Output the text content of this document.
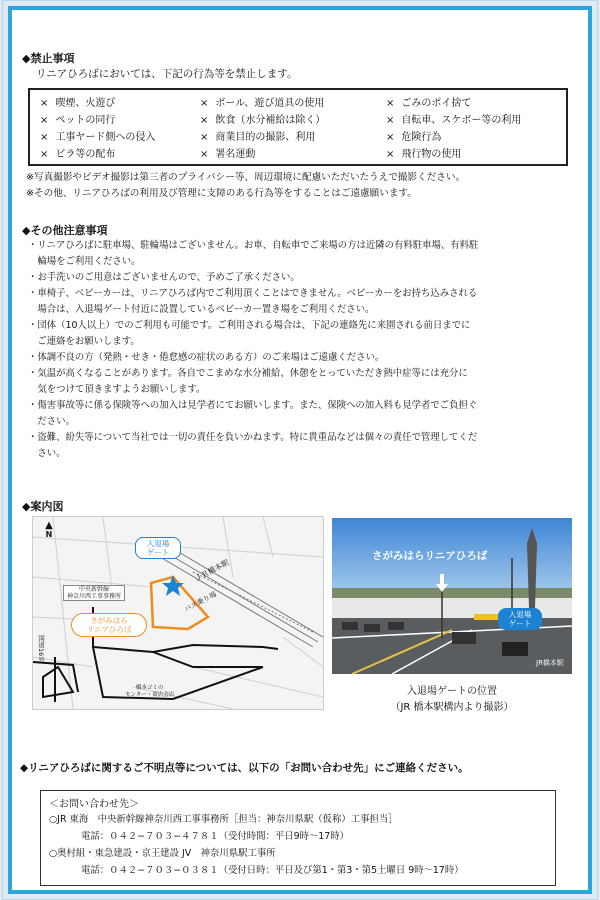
◆禁止事項
リニアひろばにおいては、下記の行為等を禁止します。
× 喫煙、火遊び	× ボール、遊び道具の使用	× ごみのポイ捨て
× ペットの同行	× 飲食（水分補給は除く）	× 自転車、スケボー等の利用
× 工事ヤード側への侵入	× 商業目的の撮影、利用	× 危険行為
× ビラ等の配布	× 署名運動	× 飛行物の使用
※写真撮影やビデオ撮影は第三者のプライバシー等、周辺環境に配慮いただいたうえで撮影ください。
※その他、リニアひろばの利用及び管理に支障のある行為等をすることはご遠慮願います。
◆その他注意事項
・リニアひろばに駐車場、駐輪場はございません。お車、自転車でご来場の方は近隣の有料駐車場、有料駐
　輪場をご利用ください。
・お手洗いのご用意はございませんので、予めご了承ください。
・車椅子、ベビーカーは、リニアひろば内でご利用頂くことはできません。ベビーカーをお持ち込みされる
　場合は、入退場ゲート付近に設置しているベビーカー置き場をご利用ください。
・団体（10人以上）でのご利用も可能です。ご利用される場合は、下記の連絡先に来園される前日までに
　ご連絡をお願いします。
・体調不良の方（発熱・せき・倦怠感の症状のある方）のご来場はご遠慮ください。
・気温が高くなることがあります。各自でこまめな水分補給、休憩をとっていただき熱中症等には充分に
　気をつけて頂きますようお願いします。
・傷害事故等に係る保険等への加入は見学者にてお願いします。また、保険への加入料も見学者でご負担ぐ
　ださい。
・盗難、紛失等について当社では一切の責任を負いかねます。特に貴重品などは個々の責任で管理してくだ
　さい。
◆案内図
▲
N
入退場
ゲート
ＪＲ橋本駅
バス乗り場
中央新幹線
神奈川西工事事務所
さがみはら
リニアひろば
国道16号
橋本ゴミの
センター・商店会店
さがみはらリニアひろば
入退場
ゲート
JR橋本駅
入退場ゲートの位置
（JR 橋本駅構内より撮影）
◆リニアひろばに関するご不明点等については、以下の「お問い合わせ先」にご連絡ください。
＜お問い合わせ先＞
○JR 東海　中央新幹線神奈川西工事事務所［担当：神奈川県駅（仮称）工事担当］
電話：０４２−７０３−４７８１（受付時間：平日9時〜17時）
○奥村組・東急建設・京王建設 JV　神奈川県駅工事所
電話：０４２−７０３−０３８１（受付日時：平日及び第1・第3・第5土曜日 9時〜17時）
